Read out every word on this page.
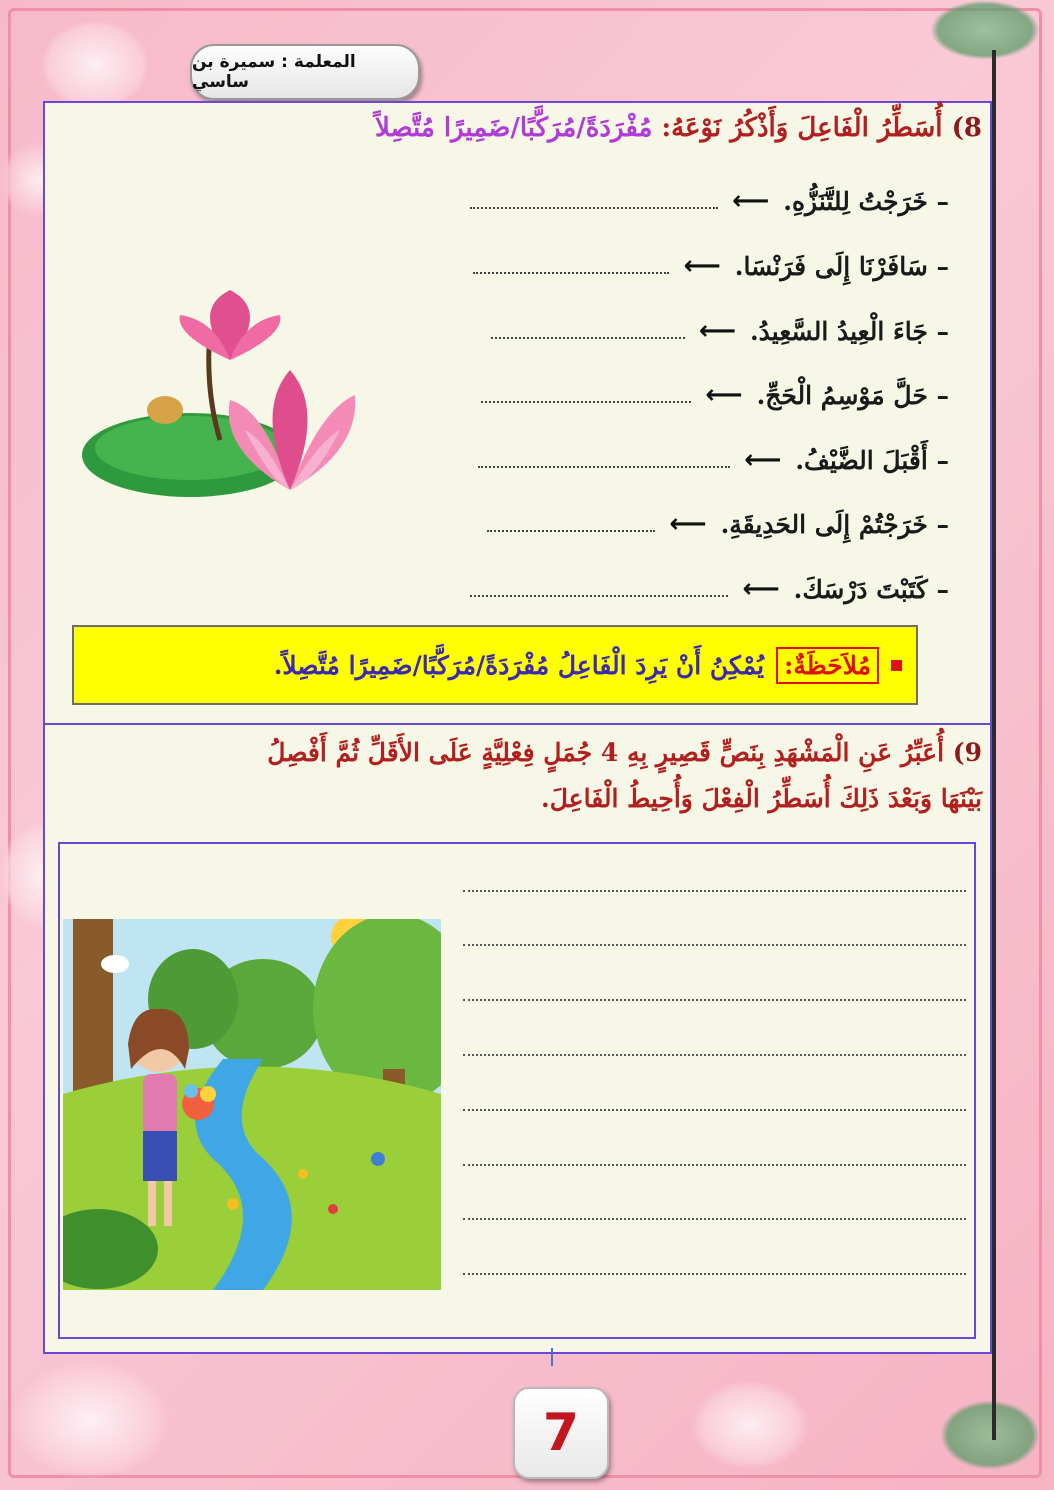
المعلمة : سميرة بن ساسي
8) أُسَطِّرُ الْفَاعِلَ وَأَذْكُرُ نَوْعَهُ: مُفْرَدَةً/مُرَكَّبًا/ضَمِيرًا مُتَّصِلاً
– خَرَجْتُ لِلتَّنَزُّهِ.
⟵
– سَافَرْنَا إِلَى فَرَنْسَا.
⟵
– جَاءَ الْعِيدُ السَّعِيدُ.
⟵
– حَلَّ مَوْسِمُ الْحَجِّ.
⟵
– أَقْبَلَ الضَّيْفُ.
⟵
– خَرَجْتُمْ إِلَى الحَدِيقَةِ.
⟵
– كَتَبْتَ دَرْسَكَ.
⟵
مُلاَحَظَةٌ:
يُمْكِنُ أَنْ يَرِدَ الْفَاعِلُ مُفْرَدَةً/مُرَكَّبًا/ضَمِيرًا مُتَّصِلاً.
9) أُعَبِّرُ عَنِ الْمَشْهَدِ بِنَصٍّ قَصِيرٍ بِهِ 4 جُمَلٍ فِعْلِيَّةٍ عَلَى الأَقَلِّ ثُمَّ أَفْصِلُ
بَيْنَهَا وَبَعْدَ ذَلِكَ أُسَطِّرُ الْفِعْلَ وَأُحِيطُ الْفَاعِلَ.
7
